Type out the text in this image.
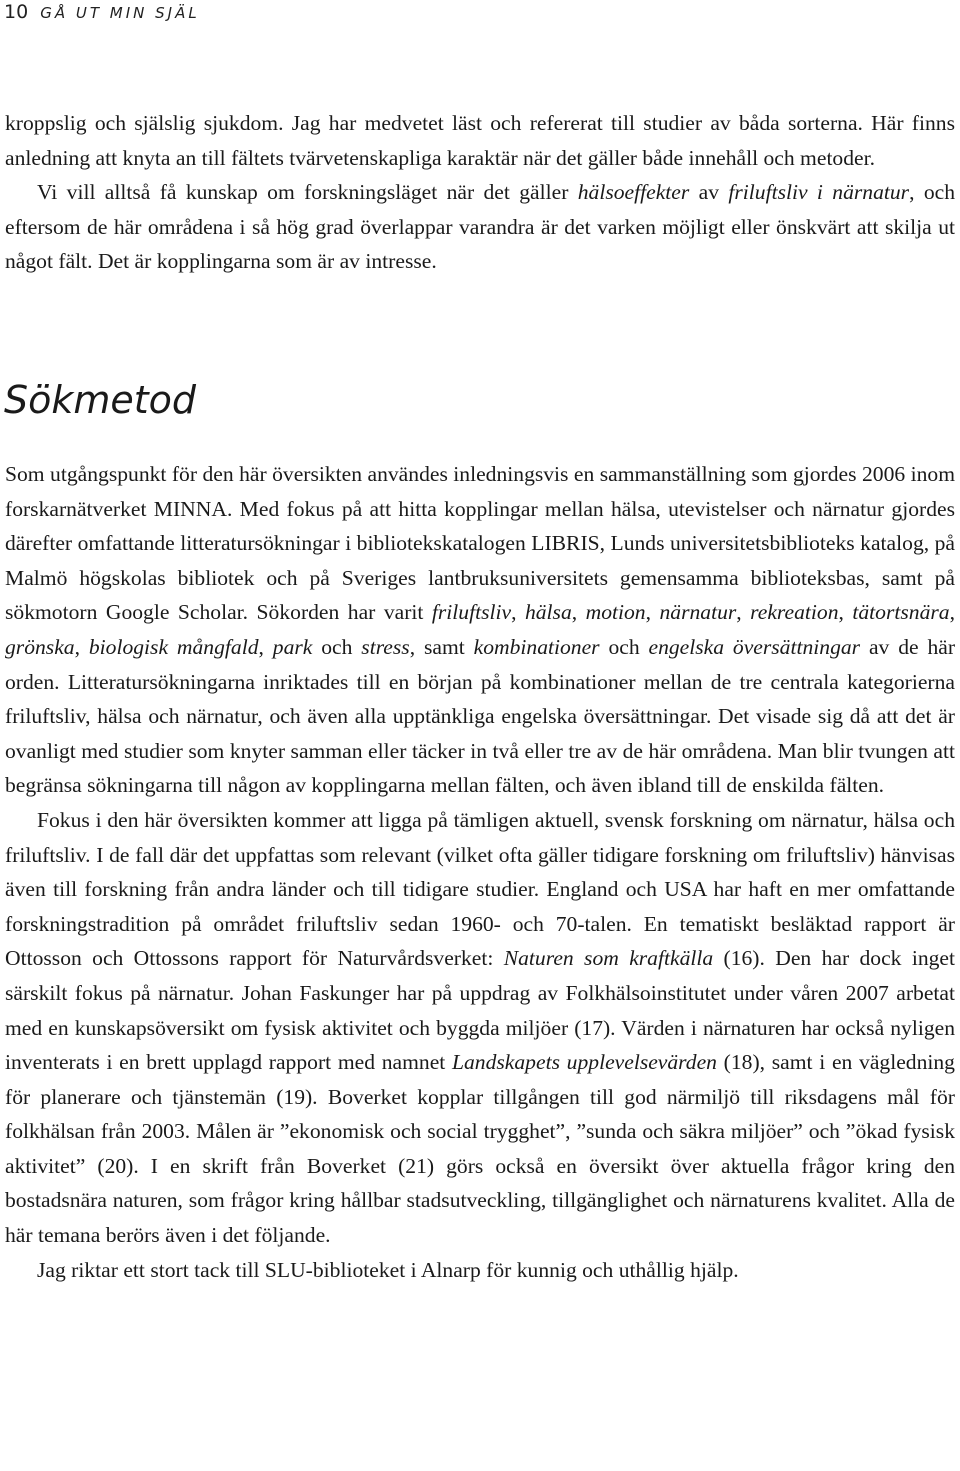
10 GÅ UT MIN SJÄL

kroppslig och själslig sjukdom. Jag har medvetet läst och refererat till studier av båda sorterna. Här finns anledning att knyta an till fältets tvärvetenskapliga karaktär när det gäller både innehåll och metoder.

Vi vill alltså få kunskap om forskningsläget när det gäller hälsoeffekter av friluftsliv i närnatur, och eftersom de här områdena i så hög grad överlappar varandra är det varken möjligt eller önskvärt att skilja ut något fält. Det är kopplingarna som är av intresse.

Sökmetod

Som utgångspunkt för den här översikten användes inledningsvis en sammanställning som gjordes 2006 inom forskarnätverket MINNA. Med fokus på att hitta kopplingar mellan hälsa, utevistelser och närnatur gjordes därefter omfattande litteratursökningar i bibliotekskatalogen LIBRIS, Lunds universitetsbiblioteks katalog, på Malmö högskolas bibliotek och på Sveriges lantbruksuniversitets gemensamma biblioteksbas, samt på sökmotorn Google Scholar. Sökorden har varit friluftsliv, hälsa, motion, närnatur, rekreation, tätortsnära, grönska, biologisk mångfald, park och stress, samt kombinationer och engelska översättningar av de här orden. Litteratursökningarna inriktades till en början på kombinationer mellan de tre centrala kategorierna friluftsliv, hälsa och närnatur, och även alla upptänkliga engelska översättningar. Det visade sig då att det är ovanligt med studier som knyter samman eller täcker in två eller tre av de här områdena. Man blir tvungen att begränsa sökningarna till någon av kopplingarna mellan fälten, och även ibland till de enskilda fälten.

Fokus i den här översikten kommer att ligga på tämligen aktuell, svensk forskning om närnatur, hälsa och friluftsliv. I de fall där det uppfattas som relevant (vilket ofta gäller tidigare forskning om friluftsliv) hänvisas även till forskning från andra länder och till tidigare studier. England och USA har haft en mer omfattande forskningstradition på området friluftsliv sedan 1960- och 70-talen. En tematiskt besläktad rapport är Ottosson och Ottossons rapport för Naturvårdsverket: Naturen som kraftkälla (16). Den har dock inget särskilt fokus på närnatur. Johan Faskunger har på uppdrag av Folkhälsoinstitutet under våren 2007 arbetat med en kunskapsöversikt om fysisk aktivitet och byggda miljöer (17). Värden i närnaturen har också nyligen inventerats i en brett upplagd rapport med namnet Landskapets upplevelsevärden (18), samt i en vägledning för planerare och tjänstemän (19). Boverket kopplar tillgången till god närmiljö till riksdagens mål för folkhälsan från 2003. Målen är ”ekonomisk och social trygghet”, ”sunda och säkra miljöer” och ”ökad fysisk aktivitet” (20). I en skrift från Boverket (21) görs också en översikt över aktuella frågor kring den bostadsnära naturen, som frågor kring hållbar stadsutveckling, tillgänglighet och närnaturens kvalitet. Alla de här temana berörs även i det följande.

Jag riktar ett stort tack till SLU-biblioteket i Alnarp för kunnig och uthållig hjälp.
